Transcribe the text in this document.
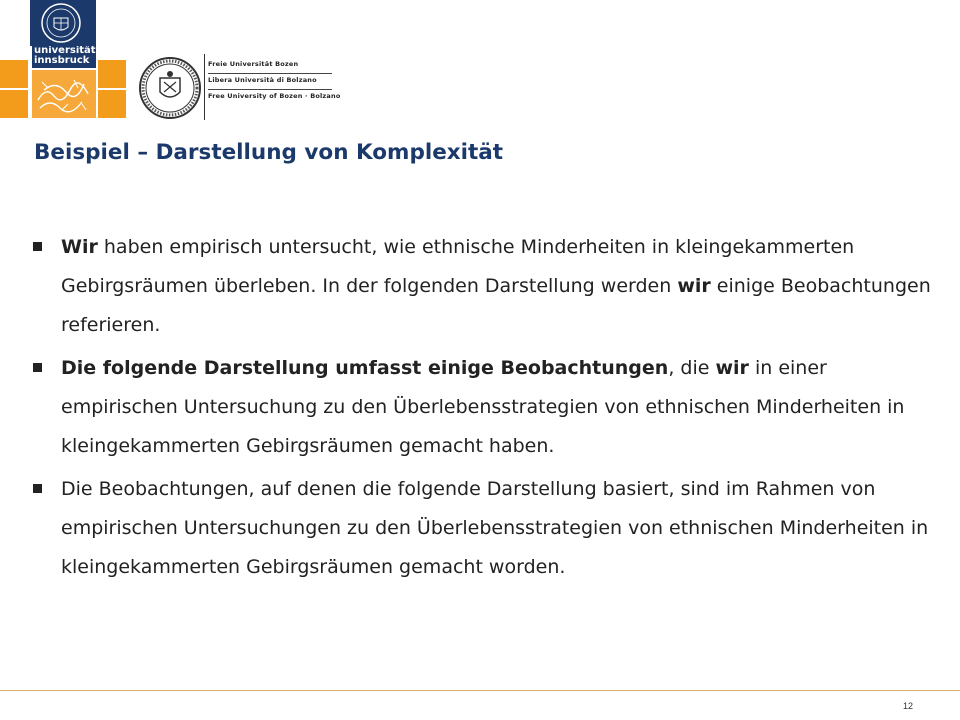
universität
innsbruck	Freie Universität Bozen
Libera Università di Bolzano
Free University of Bozen · Bolzano
Beispiel – Darstellung von Komplexität
Wir haben empirisch untersucht, wie ethnische Minderheiten in kleingekammerten Gebirgsräumen überleben. In der folgenden Darstellung werden wir einige Beobachtungen referieren.
Die folgende Darstellung umfasst einige Beobachtungen, die wir in einer empirischen Untersuchung zu den Überlebensstrategien von ethnischen Minderheiten in kleingekammerten Gebirgsräumen gemacht haben.
Die Beobachtungen, auf denen die folgende Darstellung basiert, sind im Rahmen von empirischen Untersuchungen zu den Überlebensstrategien von ethnischen Minderheiten in kleingekammerten Gebirgsräumen gemacht worden.
12
